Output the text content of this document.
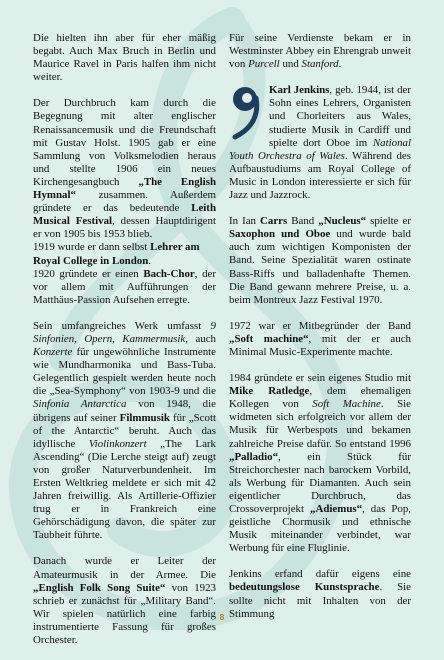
Die hielten ihn aber für eher mäßig begabt. Auch Max Bruch in Berlin und Maurice Ravel in Paris halfen ihm nicht weiter.

Der Durchbruch kam durch die Begegnung mit alter englischer Renaissancemusik und die Freundschaft mit Gustav Holst. 1905 gab er eine Sammlung von Volksmelodien heraus und stellte 1906 ein neues Kirchengesangbuch „The English Hymnal“ zusammen. Außerdem gründete er das bedeutende Leith Musical Festival, dessen Hauptdirigent er von 1905 bis 1953 blieb.

1919 wurde er dann selbst Lehrer am Royal College in London.

1920 gründete er einen Bach-Chor, der vor allem mit Aufführungen der Matthäus-Passion Aufsehen erregte.

Sein umfangreiches Werk umfasst 9 Sinfonien, Opern, Kammermusik, auch Konzerte für ungewöhnliche Instrumente wie Mundharmonika und Bass-Tuba. Gelegentlich gespielt werden heute noch die „Sea-Symphony“ von 1903-9 und die Sinfonia Antarctica von 1948, die übrigens auf seiner Filmmusik für „Scott of the Antarctic“ beruht. Auch das idyllische Violinkonzert „The Lark Ascending“ (Die Lerche steigt auf) zeugt von großer Naturverbundenheit. Im Ersten Weltkrieg meldete er sich mit 42 Jahren freiwillig. Als Artillerie-Offizier trug er in Frankreich eine Gehörschädigung davon, die später zur Taubheit führte.

Danach wurde er Leiter der Amateurmusik in der Armee. Die „English Folk Song Suite“ von 1923 schrieb er zunächst für „Military Band“. Wir spielen natürlich eine farbig instrumentierte Fassung für großes Orchester.

Für seine Verdienste bekam er in Westminster Abbey ein Ehrengrab unweit von Purcell und Stanford.

Karl Jenkins, geb. 1944, ist der Sohn eines Lehrers, Organisten und Chorleiters aus Wales, studierte Musik in Cardiff und spielte dort Oboe im National Youth Orchestra of Wales. Während des Aufbaustudiums am Royal College of Music in London interessierte er sich für Jazz und Jazzrock.

In Ian Carrs Band „Nucleus“ spielte er Saxophon und Oboe und wurde bald auch zum wichtigen Komponisten der Band. Seine Spezialität waren ostinate Bass-Riffs und balladenhafte Themen. Die Band gewann mehrere Preise, u. a. beim Montreux Jazz Festival 1970.

1972 war er Mitbegründer der Band „Soft machine“, mit der er auch Minimal Music-Experimente machte.

1984 gründete er sein eigenes Studio mit Mike Ratledge, dem ehemaligen Kollegen von Soft Machine. Sie widmeten sich erfolgreich vor allem der Musik für Werbespots und bekamen zahlreiche Preise dafür. So entstand 1996 „Palladio“, ein Stück für Streichorchester nach barockem Vorbild, als Werbung für Diamanten. Auch sein eigentlicher Durchbruch, das Crossoverprojekt „Adiemus“, das Pop, geistliche Chormusik und ethnische Musik miteinander verbindet, war Werbung für eine Fluglinie.

Jenkins erfand dafür eigens eine bedeutungslose Kunstsprache. Sie sollte nicht mit Inhalten von der Stimmung

8
